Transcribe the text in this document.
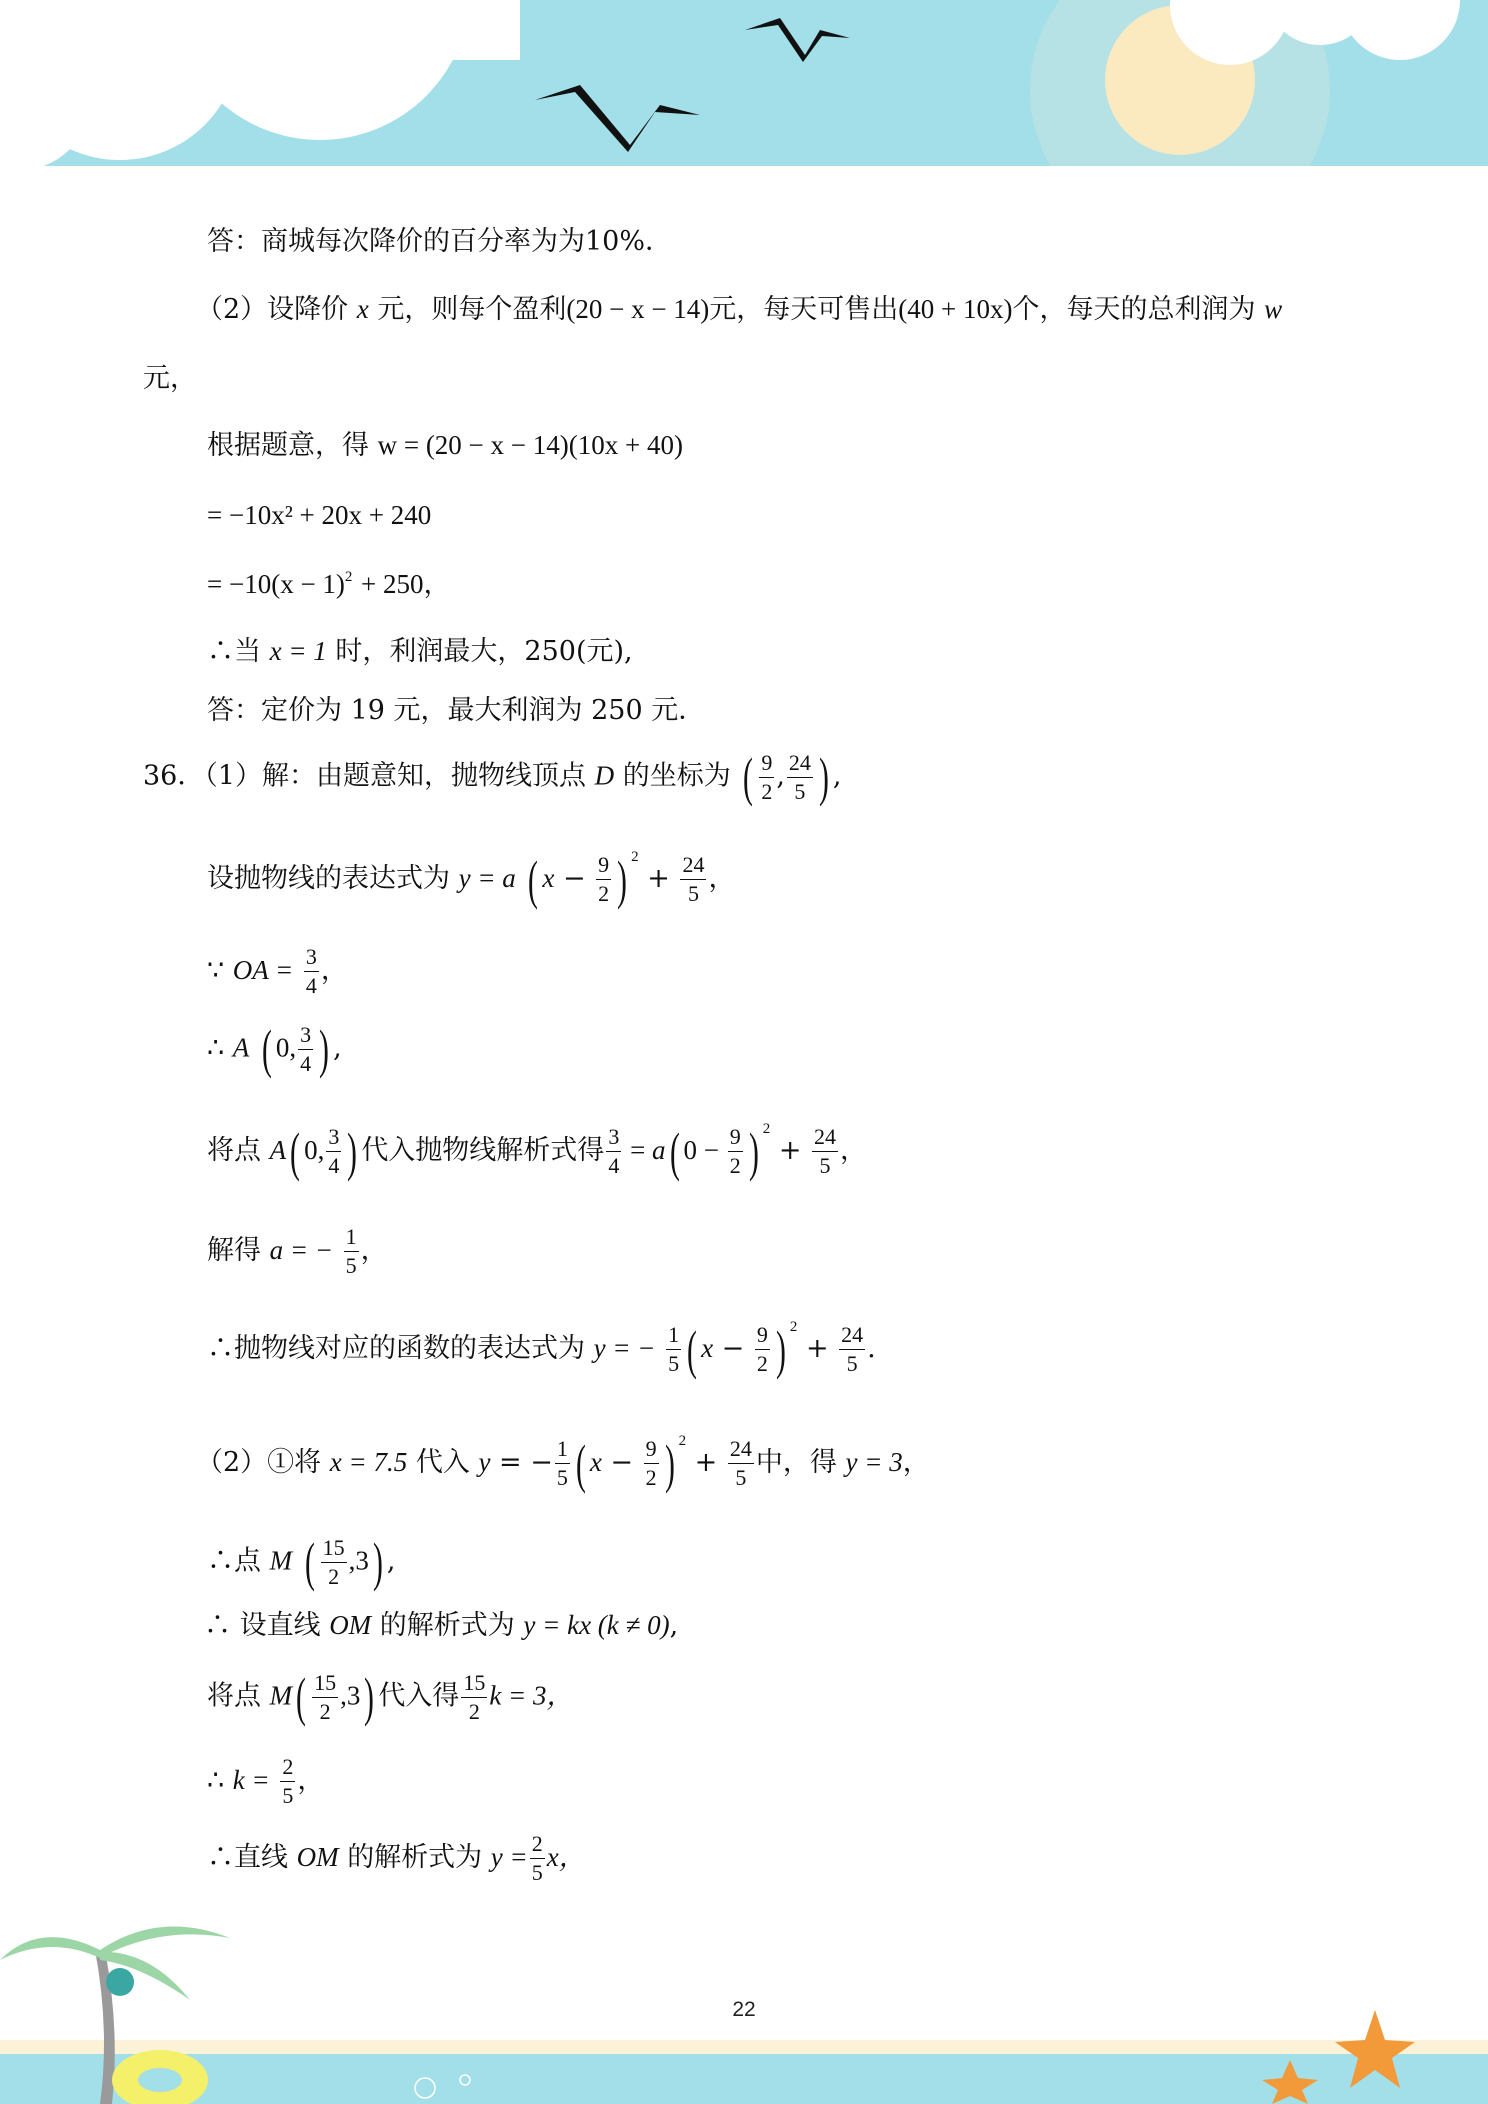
答：商城每次降价的百分率为为10%．
（2）设降价 x 元，则每个盈利(20 − x − 14)元，每天可售出(40 + 10x)个，每天的总利润为 w
元，
根据题意，得 w = (20 − x − 14)(10x + 40)
= −10x² + 20x + 240
= $-10(x - 1)^2 + 250$，
∴当 x = 1 时，利润最大，250(元),
答：定价为 19 元，最大利润为 250 元．
36．（1）解：由题意知，抛物线顶点 D 的坐标为 ( $\frac{9}{2}$ , $\frac{24}{5}$ ) ,
设抛物线的表达式为 y = a ( $x - \frac{9}{2}$ ) $^2 + \frac{24}{5}$ ，
∵ OA = $\frac{3}{4}$ ，
∴ A ( 0, $\frac{3}{4}$ ) ,
将点 A( 0, $\frac{3}{4}$ ) 代入抛物线解析式得 $\frac{3}{4} = a$( $0 - \frac{9}{2}$ ) $^2 + \frac{24}{5}$ ，
解得 a = − $\frac{1}{5}$ ，
∴抛物线对应的函数的表达式为 y = − $\frac{1}{5}$ ( $x - \frac{9}{2}$ ) $^2 + \frac{24}{5}$ .
（2）①将 x = 7.5 代入 y = − $\frac{1}{5}$ ( $x - \frac{9}{2}$ ) $^2 + \frac{24}{5}$ 中，得 y = 3，
∴点 M ( $\frac{15}{2} ,3$) ,
∴ 设直线 OM 的解析式为 y = kx (k ≠ 0),
将点 $M( \frac{15}{2} ,3)$ 代入得 $\frac{15}{2}$ k = 3，
∴ $k = \frac{2}{5}$ ，
∴直线 OM 的解析式为 $y = \frac{2}{5}$ x，
22
